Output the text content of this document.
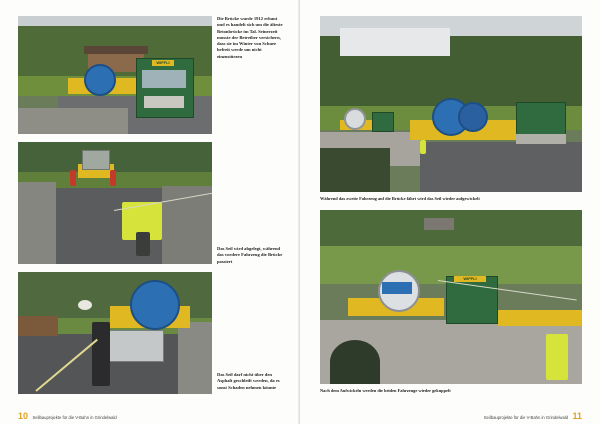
WIFFLI
Die Brücke wurde 1912 erbaut und es handelt sich um die älteste Betonbrücke im Tal. Seinerzeit musste der Betreiber versichern, dass sie im Winter von Schnee befreit werde um nicht einzustürzen
Das Seil wird abgelegt, während das vordere Fahrzeug die Brücke passiert
Das Seil darf nicht über den Asphalt geschleift werden, da es sonst Schaden nehmen könnte
10 Seilbauprojekte für die V-Bahn in Grindelwald
Während das zweite Fahrzeug auf die Brücke fährt wird das Seil wieder aufgewickelt
WIFFLI
Nach dem Aufwickeln werden die beiden Fahrzeuge wieder gekuppelt
Seilbauprojekte für die V-Bahn in Grindelwald 11
